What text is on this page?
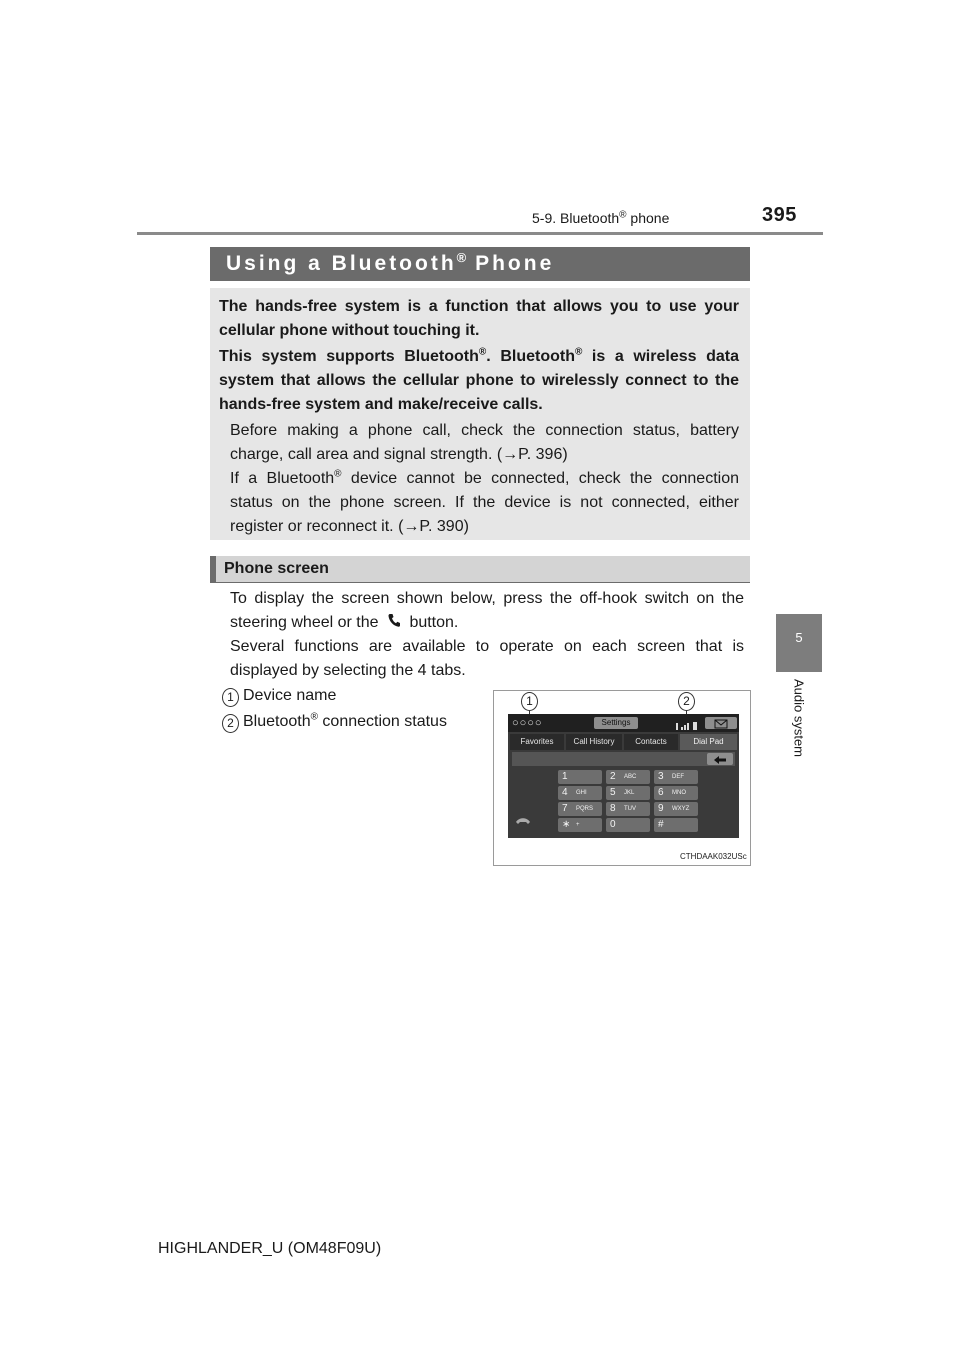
5-9. Bluetooth® phone	395
5
Audio system
Using a Bluetooth® Phone
The hands-free system is a function that allows you to use your cellular phone without touching it.
This system supports Bluetooth®. Bluetooth® is a wireless data system that allows the cellular phone to wirelessly connect to the hands-free system and make/receive calls.
Before making a phone call, check the connection status, battery charge, call area and signal strength. (→P. 396)
If a Bluetooth® device cannot be connected, check the connection status on the phone screen. If the device is not connected, either register or reconnect it. (→P. 390)
Phone screen
To display the screen shown below, press the off-hook switch on the steering wheel or the button.
Several functions are available to operate on each screen that is displayed by selecting the 4 tabs.
1 Device name
2 Bluetooth® connection status
1	2
○○○○	Settings
Favorites	Call History	Contacts	Dial Pad
1	2 ABC 3 DEF
4 GHI 5 JKL 6 MNO
7 PQRS 8 TUV 9 WXYZ
∗ +	0	#
CTHDAAK032USc
HIGHLANDER_U (OM48F09U)
